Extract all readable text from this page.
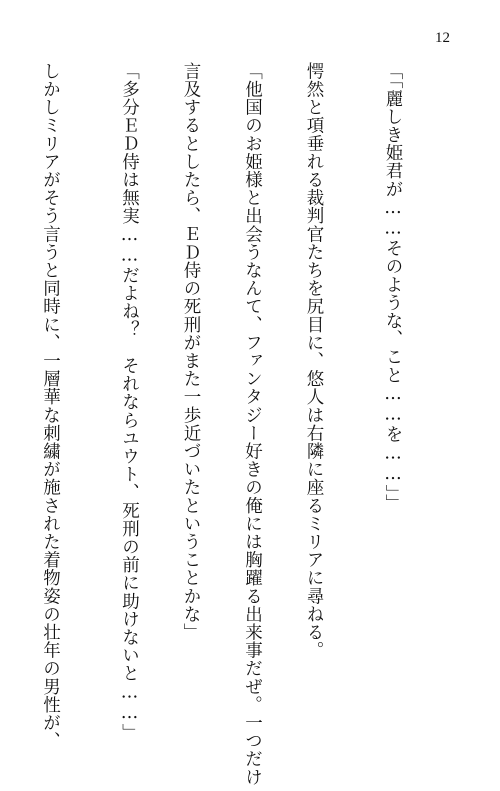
12

「「麗しき姫君が……そのような、こと……を……」」

愕然と項垂れる裁判官たちを尻目に、悠人は右隣に座るミリアに尋ねる。

「他国のお姫様と出会うなんて、ファンタジー好きの俺には胸躍る出来事だぜ。一つだけ

言及するとしたら、ＥＤ侍の死刑がまた一歩近づいたということかな」

「多分ＥＤ侍は無実……だよね？　それならユウト、死刑の前に助けないと……」

しかしミリアがそう言うと同時に、一層華な刺繍が施された着物姿の壮年の男性が、
